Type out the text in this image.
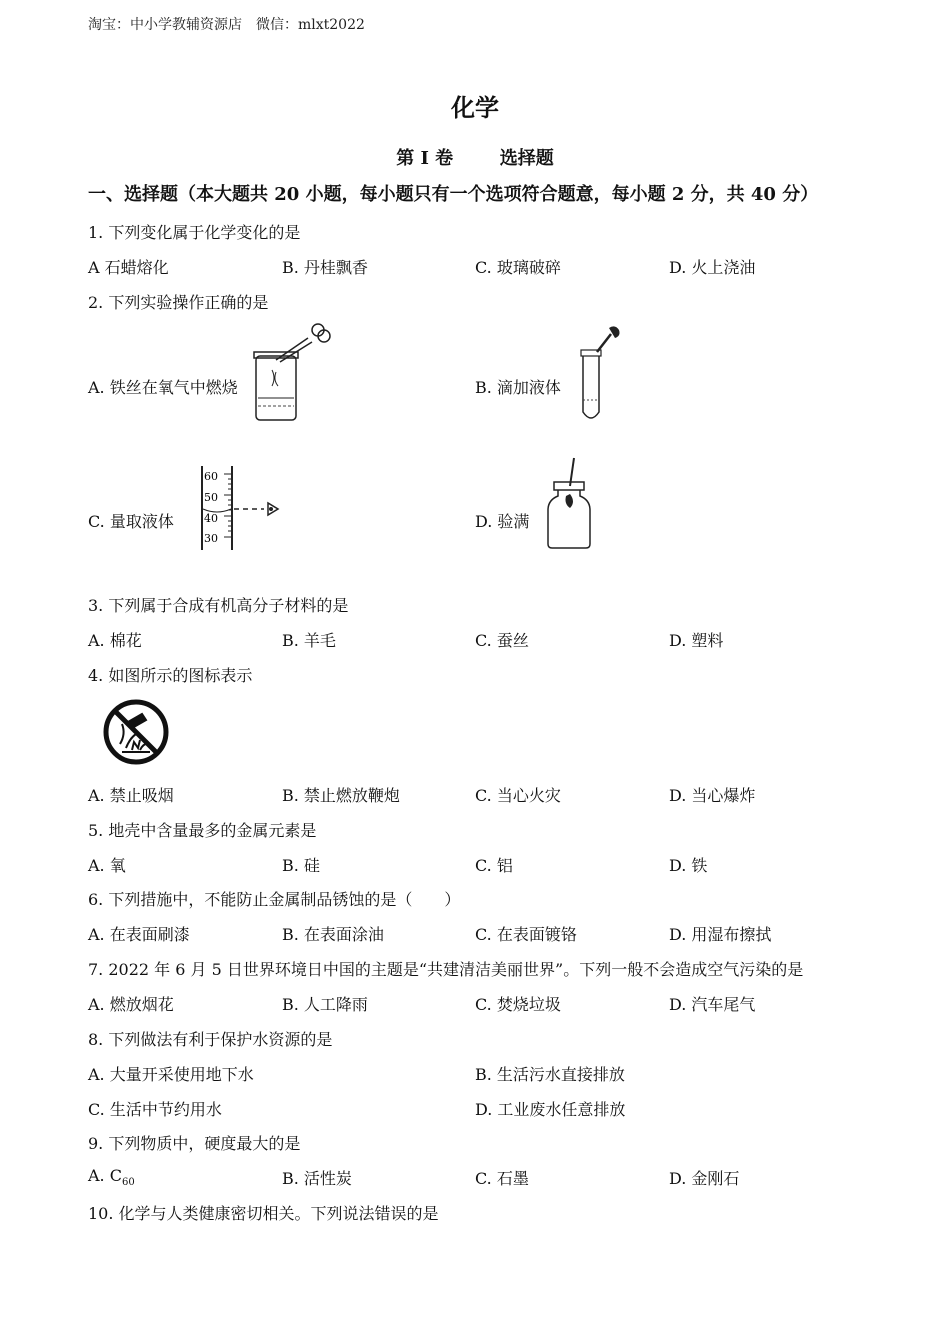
淘宝：中小学教辅资源店　微信：mlxt2022
化学
第 I 卷	选择题
一、选择题（本大题共 20 小题，每小题只有一个选项符合题意，每小题 2 分，共 40 分）
1. 下列变化属于化学变化的是
A 石蜡熔化	B. 丹桂飘香	C. 玻璃破碎	D. 火上浇油
2. 下列实验操作正确的是
A. 铁丝在氧气中燃烧	B. 滴加液体
C. 量取液体
60
50
40
30
D. 验满
3. 下列属于合成有机高分子材料的是
A. 棉花	B. 羊毛	C. 蚕丝	D. 塑料
4. 如图所示的图标表示
A. 禁止吸烟	B. 禁止燃放鞭炮	C. 当心火灾	D. 当心爆炸
5. 地壳中含量最多的金属元素是
A. 氧	B. 硅	C. 铝	D. 铁
6. 下列措施中，不能防止金属制品锈蚀的是（　　）
A. 在表面刷漆	B. 在表面涂油	C. 在表面镀铬	D. 用湿布擦拭
7. 2022 年 6 月 5 日世界环境日中国的主题是“共建清洁美丽世界”。下列一般不会造成空气污染的是
A. 燃放烟花	B. 人工降雨	C. 焚烧垃圾	D. 汽车尾气
8. 下列做法有利于保护水资源的是
A. 大量开采使用地下水	B. 生活污水直接排放
C. 生活中节约用水	D. 工业废水任意排放
9. 下列物质中，硬度最大的是
A. $C_{60}$	B. 活性炭	C. 石墨	D. 金刚石
10. 化学与人类健康密切相关。下列说法错误的是
